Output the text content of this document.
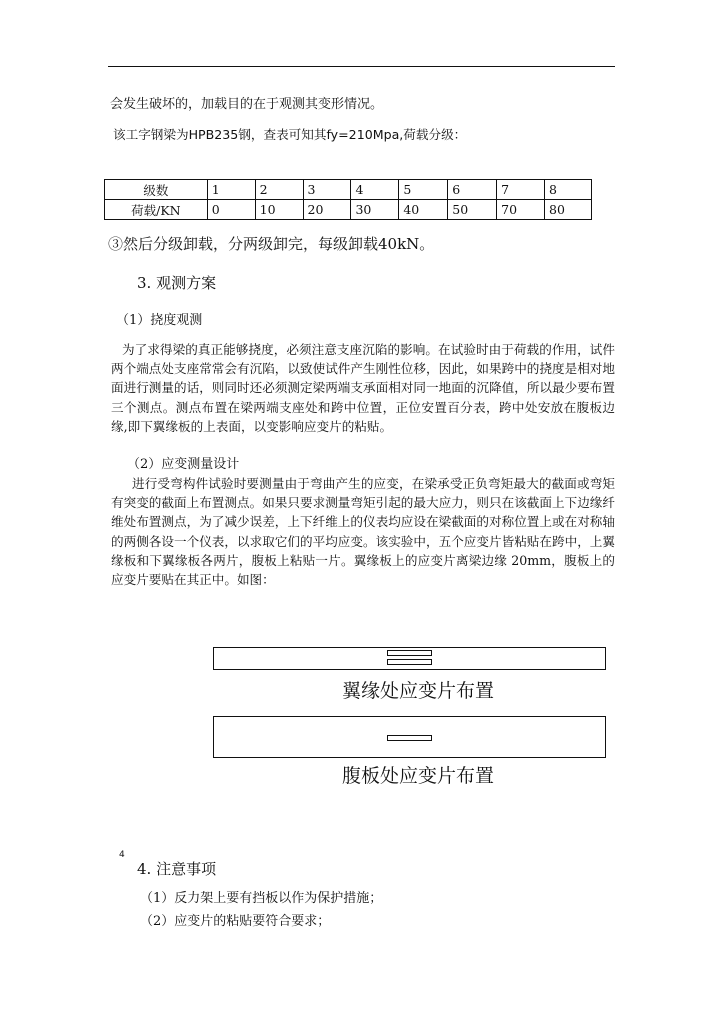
会发生破坏的，加载目的在于观测其变形情况。
该工字钢梁为HPB235钢，查表可知其fy=210Mpa,荷载分级：
级数	1	2	3	4	5	6	7	8
荷载/KN	0	10	20	30	40	50	70	80
③然后分级卸载，分两级卸完，每级卸载40kN。
3. 观测方案
（1）挠度观测
为了求得梁的真正能够挠度，必须注意支座沉陷的影响。在试验时由于荷载的作用，试件两个端点处支座常常会有沉陷，以致使试件产生刚性位移，因此，如果跨中的挠度是相对地面进行测量的话，则同时还必须测定梁两端支承面相对同一地面的沉降值，所以最少要布置三个测点。测点布置在梁两端支座处和跨中位置，正位安置百分表，跨中处安放在腹板边缘,即下翼缘板的上表面，以变影响应变片的粘贴。
（2）应变测量设计
进行受弯构件试验时要测量由于弯曲产生的应变，在梁承受正负弯矩最大的截面或弯矩有突变的截面上布置测点。如果只要求测量弯矩引起的最大应力，则只在该截面上下边缘纤维处布置测点，为了减少误差，上下纤维上的仪表均应设在梁截面的对称位置上或在对称轴的两侧各设一个仪表，以求取它们的平均应变。该实验中，五个应变片皆粘贴在跨中，上翼缘板和下翼缘板各两片，腹板上粘贴一片。翼缘板上的应变片离梁边缘 20mm，腹板上的应变片要贴在其正中。如图：
翼缘处应变片布置
腹板处应变片布置
4
4. 注意事项
（1）反力架上要有挡板以作为保护措施；
（2）应变片的粘贴要符合要求；
